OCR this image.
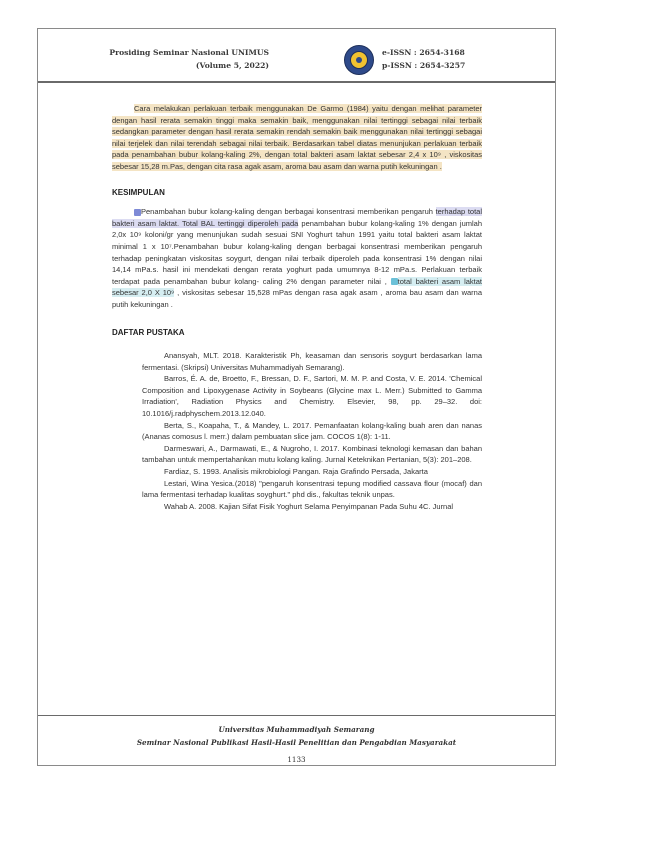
Prosiding Seminar Nasional UNIMUS
(Volume 5, 2022)
e-ISSN : 2654-3168
p-ISSN : 2654-3257

Cara melakukan perlakuan terbaik menggunakan De Garmo (1984) yaitu dengan melihat parameter dengan hasil rerata semakin tinggi maka semakin baik, menggunakan nilai tertinggi sebagai nilai terbaik sedangkan parameter dengan hasil rerata semakin rendah semakin baik menggunakan nilai tertinggi sebagai nilai terjelek dan nilai terendah sebagai nilai terbaik. Berdasarkan tabel diatas menunjukan perlakuan terbaik pada penambahan bubur kolang-kaling 2%, dengan total bakteri asam laktat sebesar 2,4 x 10⁹ , viskositas sebesar 15,28 m.Pas, dengan cita rasa agak asam, aroma bau asam dan warna putih kekuningan .

KESIMPULAN

Penambahan bubur kolang-kaling dengan berbagai konsentrasi memberikan pengaruh terhadap total bakteri asam laktat. Total BAL tertinggi diperoleh pada penambahan bubur kolang-kaling 1% dengan jumlah 2,0x 10⁹ koloni/gr yang menunjukan sudah sesuai SNI Yoghurt tahun 1991 yaitu total bakteri asam laktat minimal 1 x 10⁷.Penambahan bubur kolang-kaling dengan berbagai konsentrasi memberikan pengaruh terhadap peningkatan viskositas soygurt, dengan nilai terbaik diperoleh pada konsentrasi 1% dengan nilai 14,14 mPa.s. hasil ini mendekati dengan rerata yoghurt pada umumnya 8-12 mPa.s. Perlakuan terbaik terdapat pada penambahan bubur kolang- caling 2% dengan parameter nilai , total bakteri asam laktat sebesar 2,0 X 10⁹ , viskositas sebesar 15,528 mPas dengan rasa agak asam , aroma bau asam dan warna putih kekuningan .

DAFTAR PUSTAKA

Anansyah, MLT. 2018. Karakteristik Ph, keasaman dan sensoris soygurt berdasarkan lama fermentasi. (Skripsi) Universitas Muhammadiyah Semarang).

Barros, É. A. de, Broetto, F., Bressan, D. F., Sartori, M. M. P. and Costa, V. E. 2014. 'Chemical Composition and Lipoxygenase Activity in Soybeans (Glycine max L. Merr.) Submitted to Gamma Irradiation', Radiation Physics and Chemistry. Elsevier, 98, pp. 29–32. doi: 10.1016/j.radphyschem.2013.12.040.

Berta, S., Koapaha, T., & Mandey, L. 2017. Pemanfaatan kolang-kaling buah aren dan nanas (Ananas comosus l. merr.) dalam pembuatan slice jam. COCOS 1(8): 1-11.

Darmeswari, A., Darmawati, E., & Nugroho, I. 2017. Kombinasi teknologi kemasan dan bahan tambahan untuk mempertahankan mutu kolang kaling. Jurnal Keteknikan Pertanian, 5(3): 201–208.

Fardiaz, S. 1993. Analisis mikrobiologi Pangan. Raja Grafindo Persada, Jakarta

Lestari, Wina Yesica.(2018) "pengaruh konsentrasi tepung modified cassava flour (mocaf) dan lama fermentasi terhadap kualitas soyghurt." phd dis., fakultas teknik unpas.

Wahab A. 2008. Kajian Sifat Fisik Yoghurt Selama Penyimpanan Pada Suhu 4C. Jurnal

Universitas Muhammadiyah Semarang
Seminar Nasional Publikasi Hasil-Hasil Penelitian dan Pengabdian Masyarakat
1133
